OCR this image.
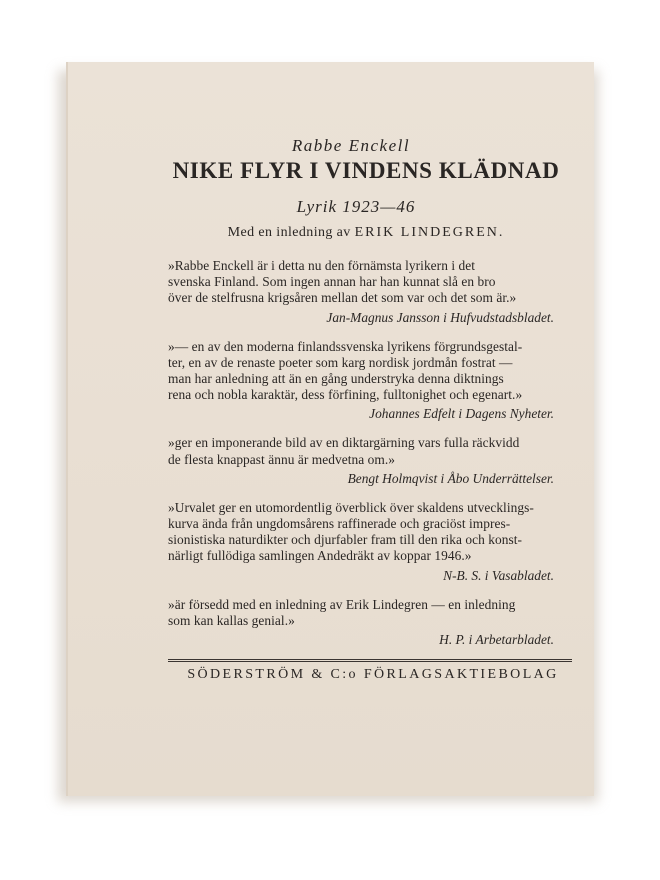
Rabbe Enckell
NIKE FLYR I VINDENS KLÄDNAD
Lyrik 1923—46
Med en inledning av ERIK LINDEGREN.
»Rabbe Enckell är i detta nu den förnämsta lyrikern i det
svenska Finland. Som ingen annan har han kunnat slå en bro
över de stelfrusna krigsåren mellan det som var och det som är.»
Jan-Magnus Jansson i Hufvudstadsbladet.
»— en av den moderna finlandssvenska lyrikens förgrundsgestal-
ter, en av de renaste poeter som karg nordisk jordmån fostrat —
man har anledning att än en gång understryka denna diktnings
rena och nobla karaktär, dess förfining, fulltonighet och egenart.»
Johannes Edfelt i Dagens Nyheter.
»ger en imponerande bild av en diktargärning vars fulla räckvidd
de flesta knappast ännu är medvetna om.»
Bengt Holmqvist i Åbo Underrättelser.
»Urvalet ger en utomordentlig överblick över skaldens utvecklings-
kurva ända från ungdomsårens raffinerade och graciöst impres-
sionistiska naturdikter och djurfabler fram till den rika och konst-
närligt fullödiga samlingen Andedräkt av koppar 1946.»
N-B. S. i Vasabladet.
»är försedd med en inledning av Erik Lindegren — en inledning
som kan kallas genial.»
H. P. i Arbetarbladet.
SÖDERSTRÖM & C:o FÖRLAGSAKTIEBOLAG
